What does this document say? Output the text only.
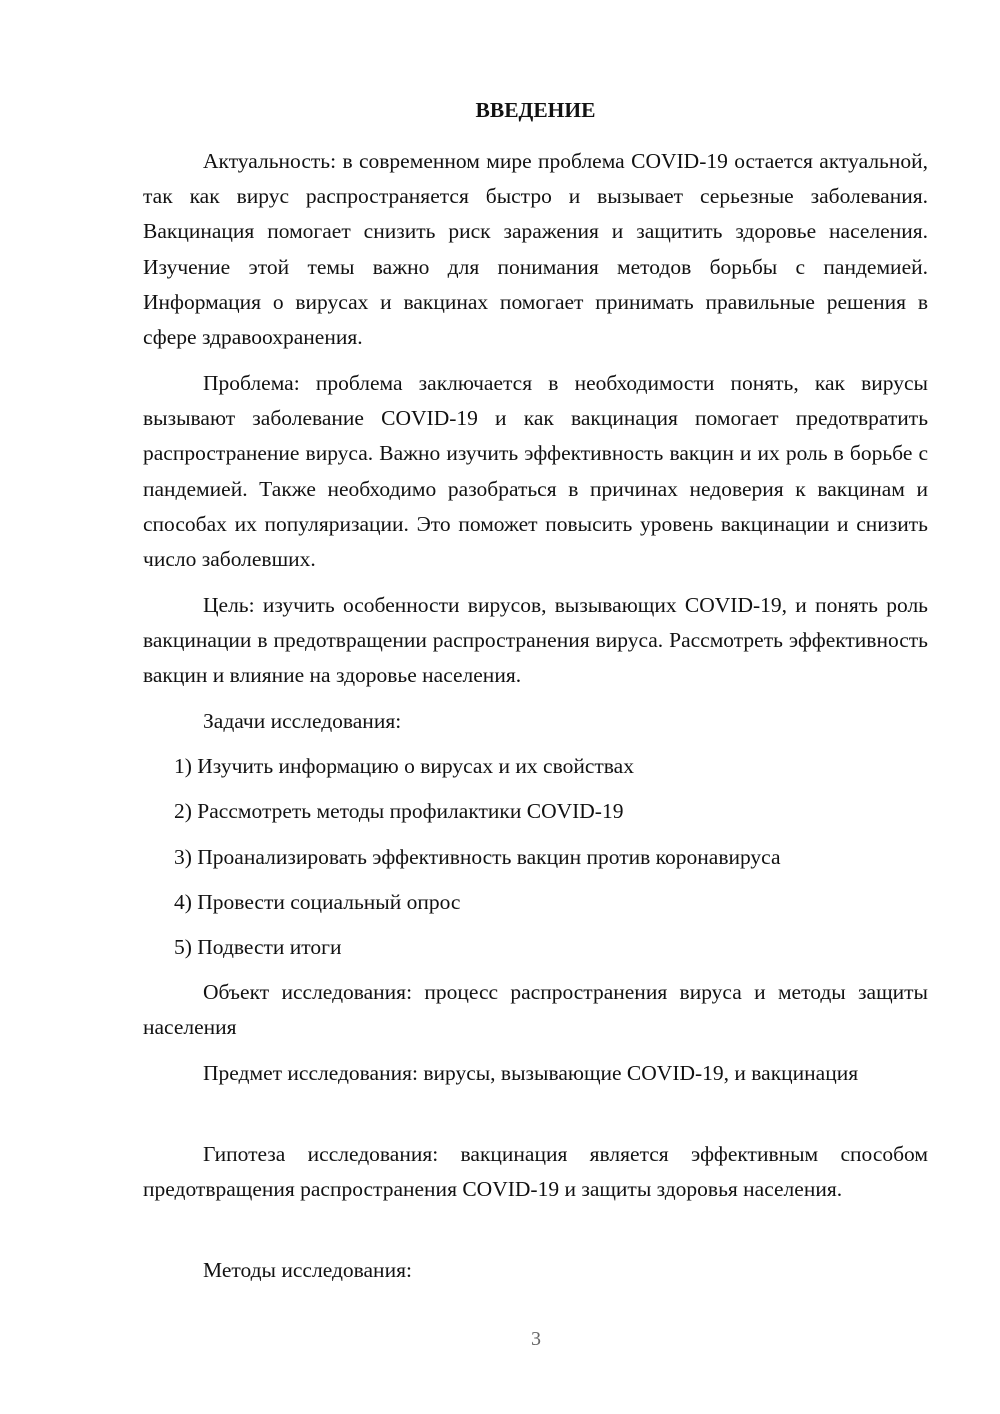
ВВЕДЕНИЕ

Актуальность: в современном мире проблема COVID-19 остается актуальной, так как вирус распространяется быстро и вызывает серьезные заболевания. Вакцинация помогает снизить риск заражения и защитить здоровье населения. Изучение этой темы важно для понимания методов борьбы с пандемией. Информация о вирусах и вакцинах помогает принимать правильные решения в сфере здравоохранения.

Проблема: проблема заключается в необходимости понять, как вирусы вызывают заболевание COVID-19 и как вакцинация помогает предотвратить распространение вируса. Важно изучить эффективность вакцин и их роль в борьбе с пандемией. Также необходимо разобраться в причинах недоверия к вакцинам и способах их популяризации. Это поможет повысить уровень вакцинации и снизить число заболевших.

Цель: изучить особенности вирусов, вызывающих COVID-19, и понять роль вакцинации в предотвращении распространения вируса. Рассмотреть эффективность вакцин и влияние на здоровье населения.

Задачи исследования:

1) Изучить информацию о вирусах и их свойствах
2) Рассмотреть методы профилактики COVID-19
3) Проанализировать эффективность вакцин против коронавируса
4) Провести социальный опрос
5) Подвести итоги

Объект исследования: процесс распространения вируса и методы защиты населения

Предмет исследования: вирусы, вызывающие COVID-19, и вакцинация

Гипотеза исследования: вакцинация является эффективным способом предотвращения распространения COVID-19 и защиты здоровья населения.

Методы исследования:

3
